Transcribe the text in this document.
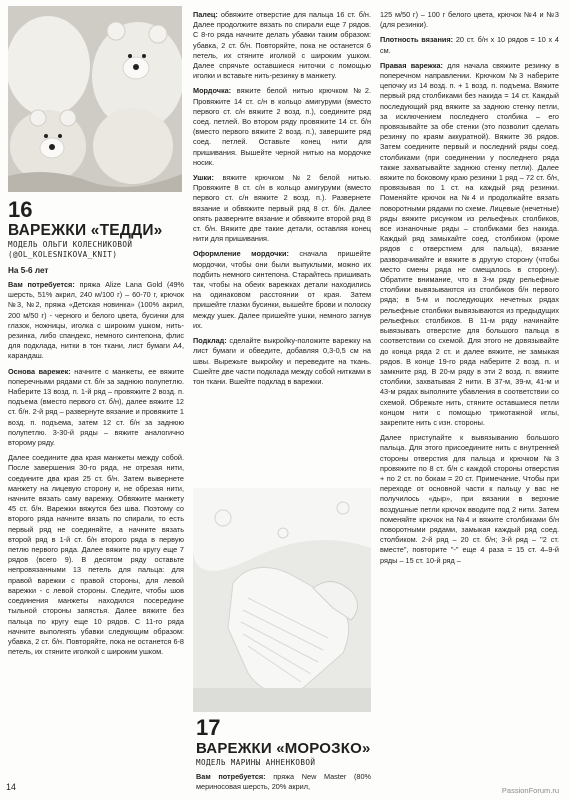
16
ВАРЕЖКИ «ТЕДДИ»
МОДЕЛЬ ОЛЬГИ КОЛЕСНИКОВОЙ
(@OL_KOLESNIKOVA_KNIT)
На 5-6 лет

Вам потребуется: пряжа Alize Lana Gold (49% шерсть, 51% акрил, 240 м/100 г) – 60-70 г, крючок №3, №2, пряжа «Детская новинка» (100% акрил, 200 м/50 г) - черного и белого цвета, бусинки для глазок, ножницы, иголка с широким ушком, нить-резинка, либо спандекс, немного синтепона, флис для подклада, нитки в тон ткани, лист бумаги А4, карандаш.

Основа варежек: начните с манжеты, ее вяжите поперечными рядами ст. б/н за заднюю полупетлю. Наберите 13 возд. п. 1-й ряд – провяжите 2 возд. п. подъема (вместо первого ст. б/н), далее вяжите 12 ст. б/н. 2-й ряд – развернуте вязание и провяжите 1 возд. п. подъема, затем 12 ст. б/н за заднюю полупетлю. 3-30-й ряды – вяжите аналогично второму ряду.

Далее соедините два края манжеты между собой. После завершения 30-го ряда, не отрезая нити, соедините два края 25 ст. б/н. Затем вывернете манжету на лицевую сторону и, не обрезая нити, начните вязать саму варежку. Обвяжите манжету 45 ст. б/н. Варежки вяжутся без шва. Поэтому со второго ряда начните вязать по спирали, то есть первый ряд не соединяйте, а начните вязать второй ряд в 1-й ст. б/н второго ряда в первую петлю первого ряда. Далее вяжите по кругу еще 7 рядов (всего 9). В десятом ряду оставьте непровязанными 13 петель для пальца: для правой варежки с правой стороны, для левой варежки - с левой стороны. Следите, чтобы шов соединения манжеты находился посередине тыльной стороны запястья. Далее вяжите без пальца по кругу еще 10 рядов. С 11-го ряда начните выполнять убавки следующим образом: убавка, 2 ст. б/н. Повторяйте, пока не останется 6-8 петель, их стяните иголкой с широким ушком.

Палец: обвяжите отверстие для пальца 16 ст. б/н. Далее продолжите вязать по спирали еще 7 рядов. С 8-го ряда начните делать убавки таким образом: убавка, 2 ст. б/н. Повторяйте, пока не останется 6 петель, их стяните иголкой с широким ушком. Далее спрячьте оставшиеся ниточки с помощью иголки и вставьте нить-резинку в манжету.

Мордочка: вяжите белой нитью крючком №2. Провяжите 14 ст. с/н в кольцо амигуруми (вместо первого ст. с/н вяжите 2 возд. п.), соедините ряд соед. петлей. Во втором ряду провяжите 14 ст. б/н (вместо первого вяжите 2 возд. п.), завершите ряд соед. петлей. Оставьте конец нити для пришивания. Вышейте черной нитью на мордочке носик.

Ушки: вяжите крючком №2 белой нитью. Провяжите 8 ст. с/н в кольцо амигуруми (вместо первого ст. с/н вяжите 2 возд. п.). Развернете вязание и обвяжите первый ряд 8 ст. б/н. Далее опять разверните вязание и обвяжите второй ряд 8 ст. б/н. Вяжите две такие детали, оставляя конец нити для пришивания.

Оформление мордочки: сначала пришейте мордочки, чтобы они были выпуклыми, можно их подбить немного синтепона. Старайтесь пришивать так, чтобы на обеих варежках детали находились на одинаковом расстоянии от края. Затем пришейте глазки бусинки, вышейте брови и полоску между ушек. Далее пришейте ушки, немного загнув их.

Подклад: сделайте выкройку-положите варежку на лист бумаги и обведите, добавляя 0,3-0,5 см на швы. Вырежьте выкройку и переведите на ткань. Сшейте две части подклада между собой нитками в тон ткани. Вшейте подклад в варежки.

17
ВАРЕЖКИ «МОРОЗКО»
МОДЕЛЬ МАРИНЫ АННЕНКОВОЙ

Вам потребуется: пряжа New Master (80% мериносовая шерсть, 20% акрил,

125 м/50 г) – 100 г белого цвета, крючок №4 и №3 (для резинки).

Плотность вязания: 20 ст. б/н х 10 рядов = 10 х 4 см.

Правая варежка: для начала свяжите резинку в поперечном направлении. Крючком №3 наберите цепочку из 14 возд. п. + 1 возд. п. подъема. Вяжите первый ряд столбиками без накида = 14 ст. Каждый последующий ряд вяжите за заднюю стенку петли, за исключением последнего столбика – его провязывайте за обе стенки (это позволит сделать резинку по краям аккуратной). Вяжите 36 рядов. Затем соедините первый и последний ряды соед. столбиками (при соединении у последнего ряда также захватывайте заднюю стенку петли). Далее вяжите по боковому краю резинки 1 ряд – 72 ст. б/н, провязывая по 1 ст. на каждый ряд резинки. Поменяйте крючок на №4 и продолжайте вязать поворотными рядами по схеме. Лицевые (нечетные) ряды вяжите рисунком из рельефных столбиков, все изнаночные ряды – столбиками без накида. Каждый ряд замыкайте соед. столбиком (кроме рядов с отверстием для пальца), вязание разворачивайте и вяжите в другую сторону (чтобы место смены ряда не смещалось в сторону). Обратите внимание, что в 3-м ряду рельефные столбики вывязываются из столбиков б/н первого ряда; в 5-м и последующих нечетных рядах рельефные столбики вывязываются из предыдущих рельефных столбиков. В 11-м ряду начинайте вывязывать отверстие для большого пальца в соответствии со схемой. Для этого не довязывайте до конца ряда 2 ст. и далее вяжите, не замыкая рядов. В конце 19-го ряда наберите 2 возд. п. и замкните ряд. В 20-м ряду в эти 2 возд. п. вяжите столбики, захватывая 2 нити. В 37-м, 39-м, 41-м и 43-м рядах выполните убавления в соответствии со схемой. Обрежьте нить, стяните оставшиеся петли концом нити с помощью трикотажной иглы, закрепите нить с изн. стороны.

Далее приступайте к вывязыванию большого пальца. Для этого присоедините нить с внутренней стороны отверстия для пальца и крючком №3 провяжите по 8 ст. б/н с каждой стороны отверстия + по 2 ст. по бокам = 20 ст. Примечание. Чтобы при переходе от основной части к пальцу у вас не получилось «дыр», при вязании в верхние воздушные петли крючок вводите под 2 нити. Затем поменяйте крючок на №4 и вяжите столбиками б/н поворотными рядами, замыкая каждый ряд соед. столбиком. 2-й ряд – 20 ст. б/н; 3-й ряд – "2 ст. вместе", повторите "-" еще 4 раза = 15 ст. 4–9-й ряды – 15 ст. 10-й ряд –

14	PassionForum.ru
